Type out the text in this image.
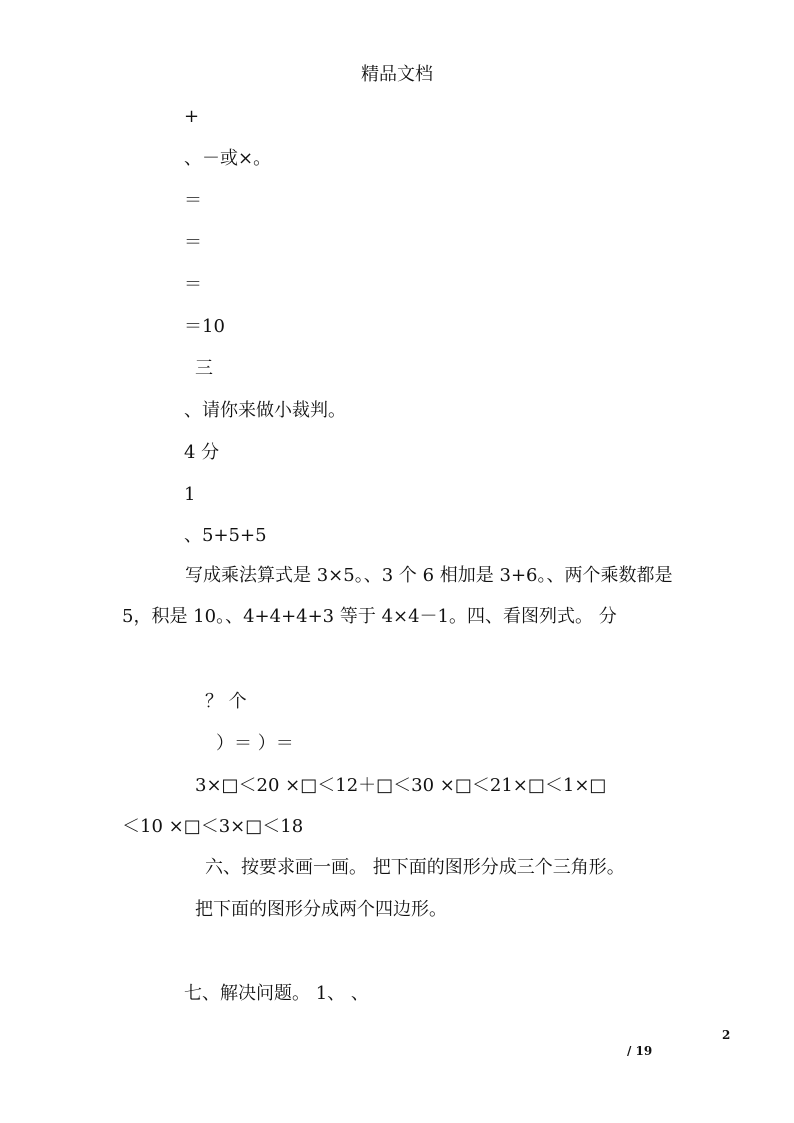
精品文档
+
、－或×。
＝
＝
＝
＝10
三
、请你来做小裁判。
4 分
1
、5+5+5
写成乘法算式是 3×5。、3 个 6 相加是 3+6。、两个乘数都是 5，积是 10。、4+4+4+3 等于 4×4－1。四、看图列式。 分
？ 个
）＝ ）＝
3×□＜20 ×□＜12＋□＜30 ×□＜21×□＜1×□
＜10 ×□＜3×□＜18
六、按要求画一画。 把下面的图形分成三个三角形。
把下面的图形分成两个四边形。
七、解决问题。 1、 、
2
/ 19
